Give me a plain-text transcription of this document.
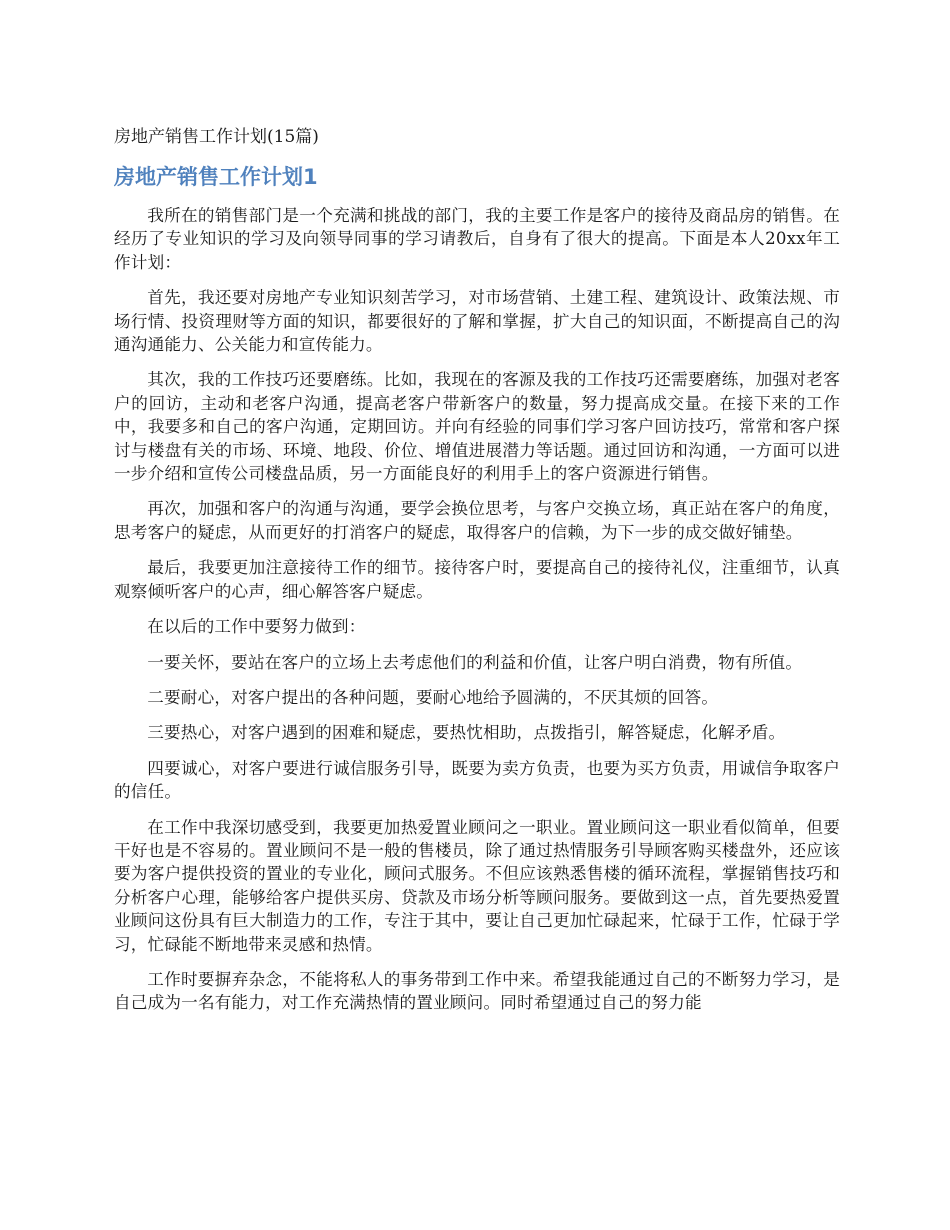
房地产销售工作计划(15篇)
房地产销售工作计划1

我所在的销售部门是一个充满和挑战的部门，我的主要工作是客户的接待及商品房的销售。在经历了专业知识的学习及向领导同事的学习请教后，自身有了很大的提高。下面是本人20xx年工作计划：

首先，我还要对房地产专业知识刻苦学习，对市场营销、土建工程、建筑设计、政策法规、市场行情、投资理财等方面的知识，都要很好的了解和掌握，扩大自己的知识面，不断提高自己的沟通沟通能力、公关能力和宣传能力。

其次，我的工作技巧还要磨练。比如，我现在的客源及我的工作技巧还需要磨练，加强对老客户的回访，主动和老客户沟通，提高老客户带新客户的数量，努力提高成交量。在接下来的工作中，我要多和自己的客户沟通，定期回访。并向有经验的同事们学习客户回访技巧，常常和客户探讨与楼盘有关的市场、环境、地段、价位、增值进展潜力等话题。通过回访和沟通，一方面可以进一步介绍和宣传公司楼盘品质，另一方面能良好的利用手上的客户资源进行销售。

再次，加强和客户的沟通与沟通，要学会换位思考，与客户交换立场，真正站在客户的角度，思考客户的疑虑，从而更好的打消客户的疑虑，取得客户的信赖，为下一步的成交做好铺垫。

最后，我要更加注意接待工作的细节。接待客户时，要提高自己的接待礼仪，注重细节，认真观察倾听客户的心声，细心解答客户疑虑。

在以后的工作中要努力做到：

一要关怀，要站在客户的立场上去考虑他们的利益和价值，让客户明白消费，物有所值。

二要耐心，对客户提出的各种问题，要耐心地给予圆满的，不厌其烦的回答。

三要热心，对客户遇到的困难和疑虑，要热忱相助，点拨指引，解答疑虑，化解矛盾。

四要诚心，对客户要进行诚信服务引导，既要为卖方负责，也要为买方负责，用诚信争取客户的信任。

在工作中我深切感受到，我要更加热爱置业顾问之一职业。置业顾问这一职业看似简单，但要干好也是不容易的。置业顾问不是一般的售楼员，除了通过热情服务引导顾客购买楼盘外，还应该要为客户提供投资的置业的专业化，顾问式服务。不但应该熟悉售楼的循环流程，掌握销售技巧和分析客户心理，能够给客户提供买房、贷款及市场分析等顾问服务。要做到这一点，首先要热爱置业顾问这份具有巨大制造力的工作，专注于其中，要让自己更加忙碌起来，忙碌于工作，忙碌于学习，忙碌能不断地带来灵感和热情。

工作时要摒弃杂念，不能将私人的事务带到工作中来。希望我能通过自己的不断努力学习，是自己成为一名有能力，对工作充满热情的置业顾问。同时希望通过自己的努力能
